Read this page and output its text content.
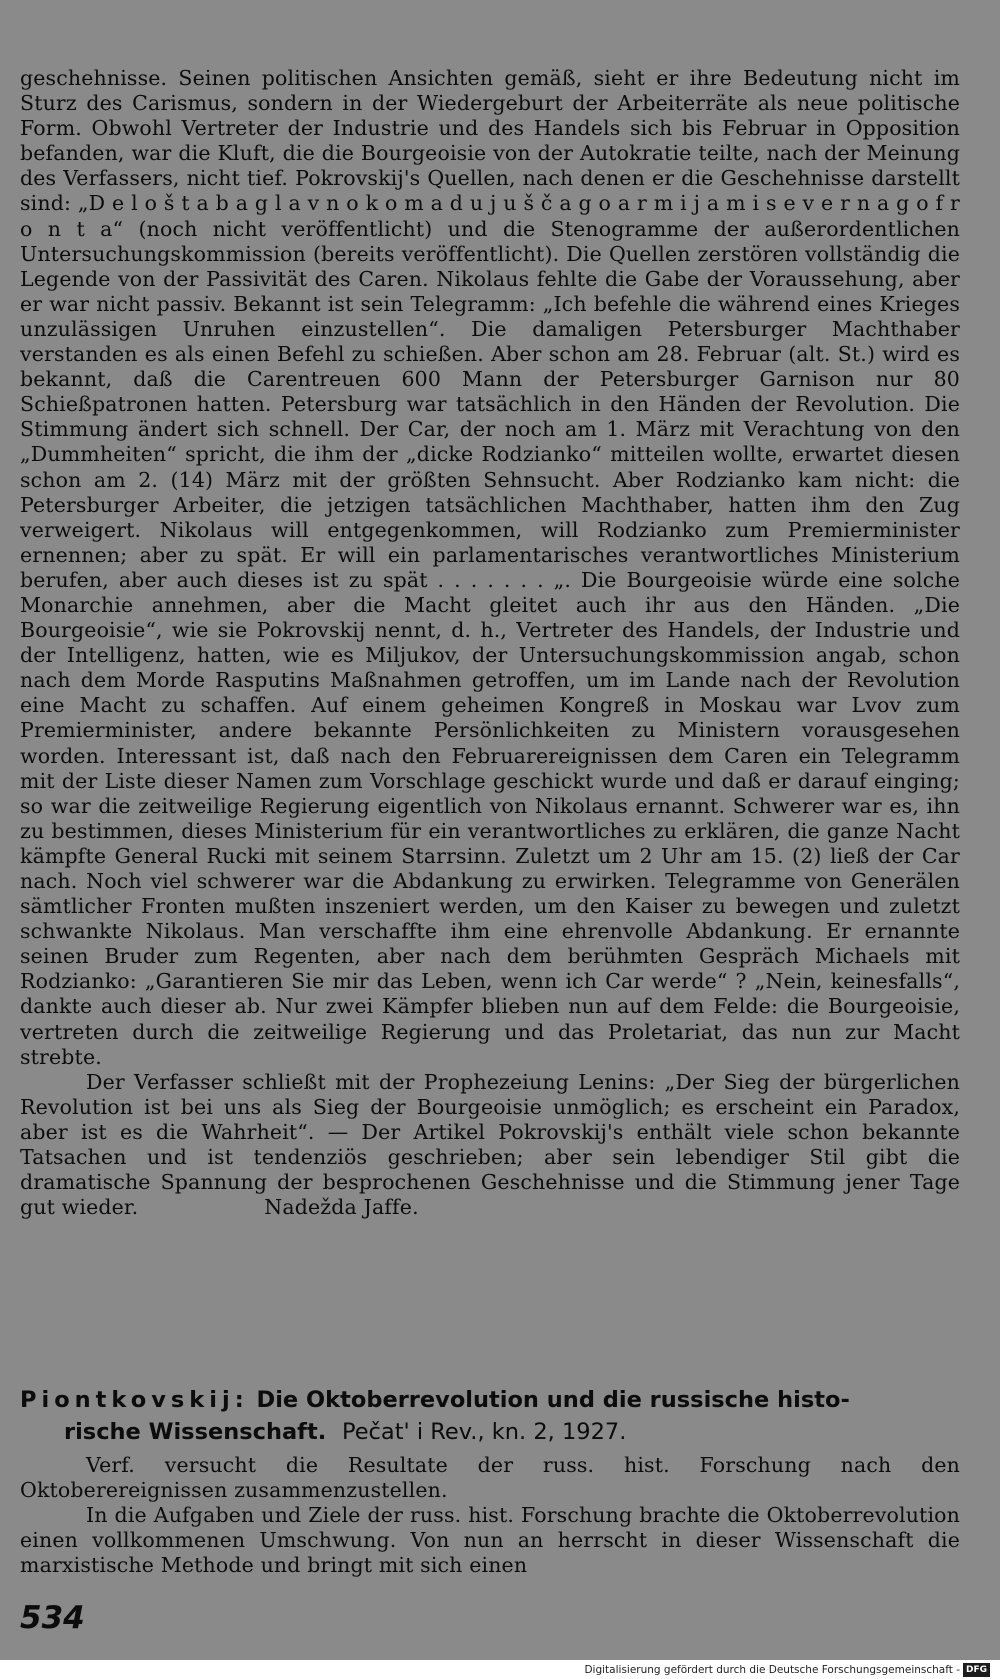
geschehnisse. Seinen politischen Ansichten gemäß, sieht er ihre Bedeutung nicht im Sturz des Carismus, sondern in der Wiedergeburt der Arbeiterräte als neue politische Form. Obwohl Vertreter der Industrie und des Handels sich bis Februar in Opposition befanden, war die Kluft, die die Bourgeoisie von der Autokratie teilte, nach der Meinung des Verfassers, nicht tief. Pokrovskij's Quellen, nach denen er die Geschehnisse darstellt sind: „D e l o š t a b a g l a v n o k o m a d u j u š č a g o a r m i j a m i s e v e r n a g o f r o n t a“ (noch nicht veröffentlicht) und die Stenogramme der außerordentlichen Untersuchungskommission (bereits veröffentlicht). Die Quellen zerstören vollständig die Legende von der Passivität des Caren. Nikolaus fehlte die Gabe der Voraussehung, aber er war nicht passiv. Bekannt ist sein Telegramm: „Ich befehle die während eines Krieges unzulässigen Unruhen einzustellen“. Die damaligen Petersburger Machthaber verstanden es als einen Befehl zu schießen. Aber schon am 28. Februar (alt. St.) wird es bekannt, daß die Carentreuen 600 Mann der Petersburger Garnison nur 80 Schießpatronen hatten. Petersburg war tatsächlich in den Händen der Revolution. Die Stimmung ändert sich schnell. Der Car, der noch am 1. März mit Verachtung von den „Dummheiten“ spricht, die ihm der „dicke Rodzianko“ mitteilen wollte, erwartet diesen schon am 2. (14) März mit der größten Sehnsucht. Aber Rodzianko kam nicht: die Petersburger Arbeiter, die jetzigen tatsächlichen Machthaber, hatten ihm den Zug verweigert. Nikolaus will entgegenkommen, will Rodzianko zum Premierminister ernennen; aber zu spät. Er will ein parlamentarisches verantwortliches Ministerium berufen, aber auch dieses ist zu spät . . . . . . . „. Die Bourgeoisie würde eine solche Monarchie annehmen, aber die Macht gleitet auch ihr aus den Händen. „Die Bourgeoisie“, wie sie Pokrovskij nennt, d. h., Vertreter des Handels, der Industrie und der Intelligenz, hatten, wie es Miljukov, der Untersuchungskommission angab, schon nach dem Morde Rasputins Maßnahmen getroffen, um im Lande nach der Revolution eine Macht zu schaffen. Auf einem geheimen Kongreß in Moskau war Lvov zum Premierminister, andere bekannte Persönlichkeiten zu Ministern vorausgesehen worden. Interessant ist, daß nach den Februarereignissen dem Caren ein Telegramm mit der Liste dieser Namen zum Vorschlage geschickt wurde und daß er darauf einging; so war die zeitweilige Regierung eigentlich von Nikolaus ernannt. Schwerer war es, ihn zu bestimmen, dieses Ministerium für ein verantwortliches zu erklären, die ganze Nacht kämpfte General Rucki mit seinem Starrsinn. Zuletzt um 2 Uhr am 15. (2) ließ der Car nach. Noch viel schwerer war die Abdankung zu erwirken. Telegramme von Generälen sämtlicher Fronten mußten inszeniert werden, um den Kaiser zu bewegen und zuletzt schwankte Nikolaus. Man verschaffte ihm eine ehrenvolle Abdankung. Er ernannte seinen Bruder zum Regenten, aber nach dem berühmten Gespräch Michaels mit Rodzianko: „Garantieren Sie mir das Leben, wenn ich Car werde“ ? „Nein, keinesfalls“, dankte auch dieser ab. Nur zwei Kämpfer blieben nun auf dem Felde: die Bourgeoisie, vertreten durch die zeitweilige Regierung und das Proletariat, das nun zur Macht strebte.

Der Verfasser schließt mit der Prophezeiung Lenins: „Der Sieg der bürgerlichen Revolution ist bei uns als Sieg der Bourgeoisie unmöglich; es erscheint ein Paradox, aber ist es die Wahrheit“. — Der Artikel Pokrovskij's enthält viele schon bekannte Tatsachen und ist tendenziös geschrieben; aber sein lebendiger Stil gibt die dramatische Spannung der besprochenen Geschehnisse und die Stimmung jener Tage gut wieder.	Nadežda Jaffe.

Piontkovskij: Die Oktoberrevolution und die russische histo-
rische Wissenschaft. Pečat' i Rev., kn. 2, 1927.

Verf. versucht die Resultate der russ. hist. Forschung nach den Oktoberereignissen zusammenzustellen.

In die Aufgaben und Ziele der russ. hist. Forschung brachte die Oktoberrevolution einen vollkommenen Umschwung. Von nun an herrscht in dieser Wissenschaft die marxistische Methode und bringt mit sich einen

534
Digitalisierung gefördert durch die Deutsche Forschungsgemeinschaft - DFG
